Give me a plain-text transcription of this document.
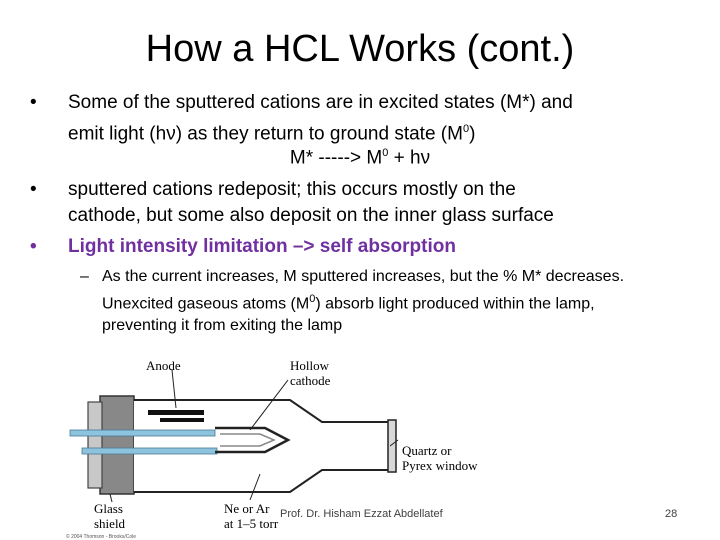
How a HCL Works (cont.)
• Some of the sputtered cations are in excited states (M*) and
emit light (hν) as they return to ground state $(M^0)$
M* -----> $M^0 + h\nu$
• sputtered cations redeposit; this occurs mostly on the
cathode, but some also deposit on the inner glass surface
• Light intensity limitation –> self absorption
– As the current increases, M sputtered increases, but the % M* decreases. Unexcited gaseous atoms $(M^0)$ absorb light produced within the lamp, preventing it from exiting the lamp
Anode	Hollow
cathode
Quartz or
Pyrex window
Glass
shield
Ne or Ar
at 1–5 torr
© 2004 Thomson - Brooks/Cole
Prof. Dr. Hisham Ezzat Abdellatef	28
